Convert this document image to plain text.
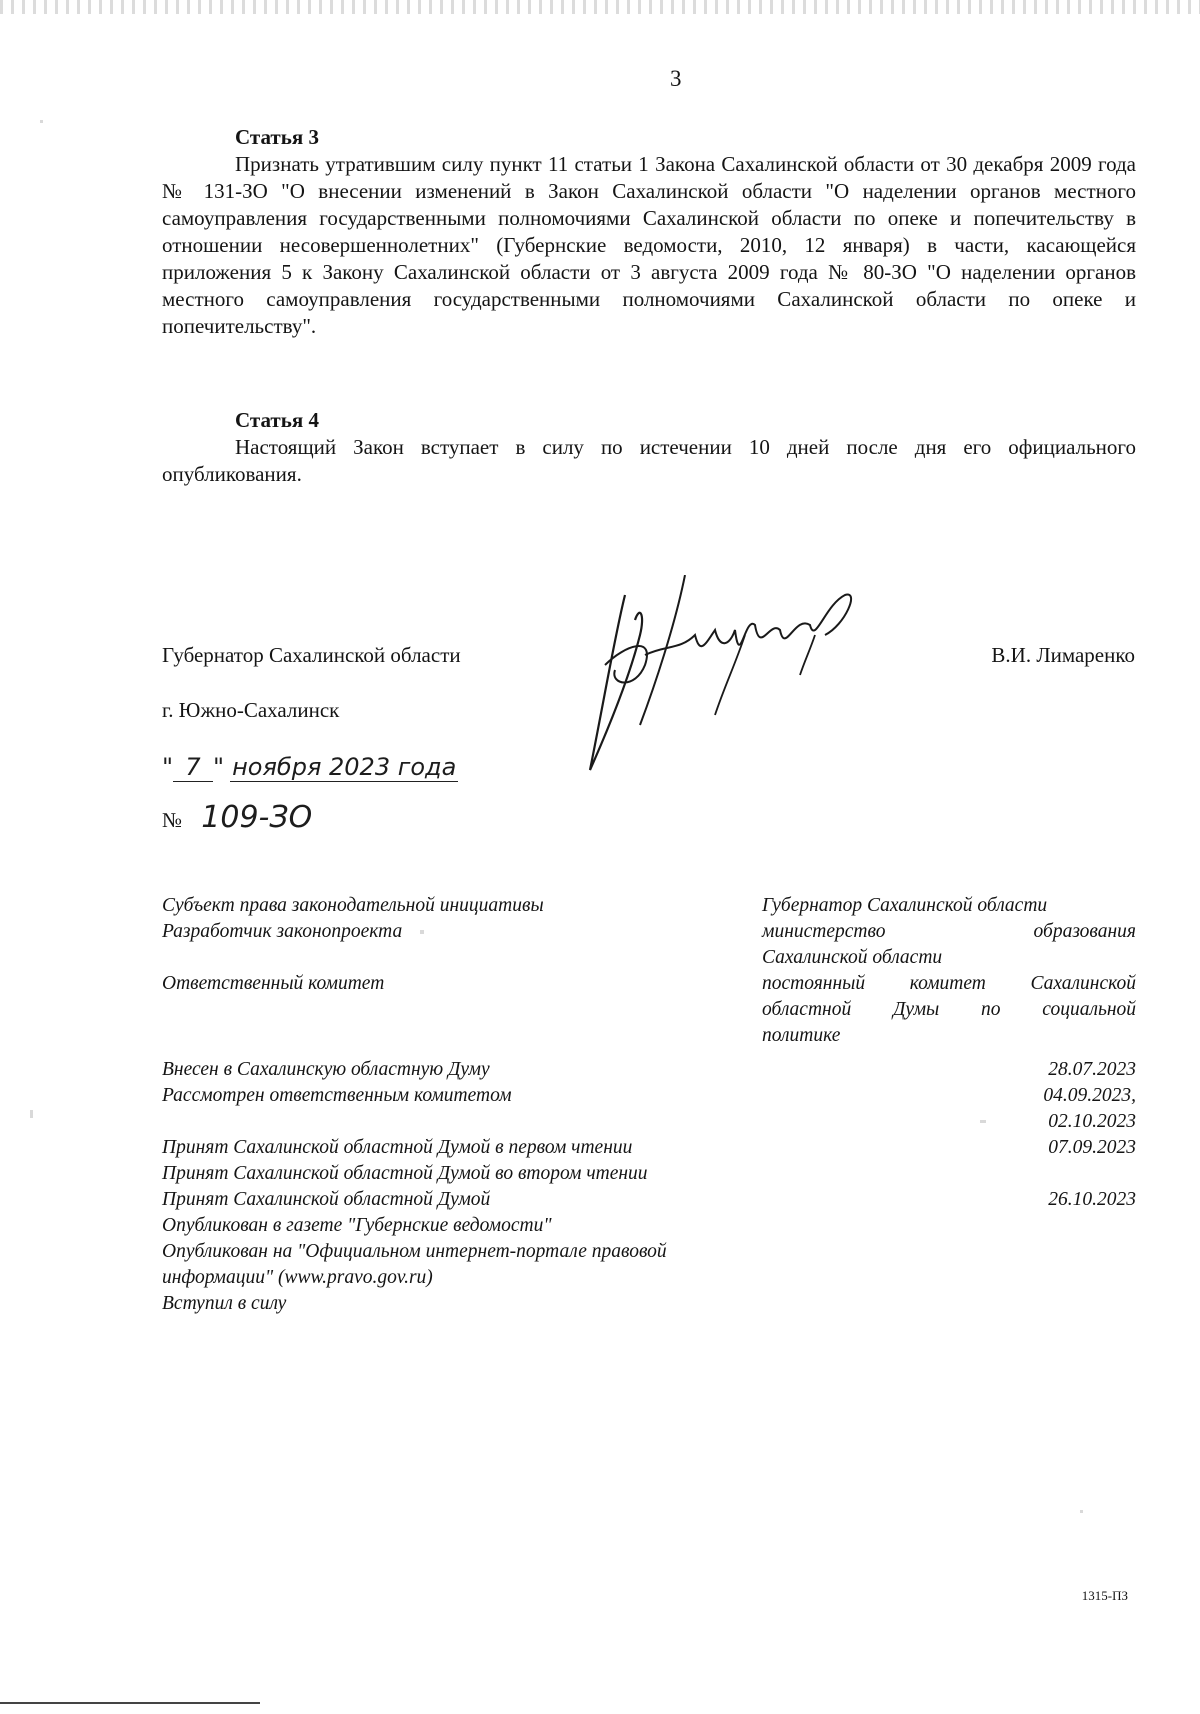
3
Статья 3

Признать утратившим силу пункт 11 статьи 1 Закона Сахалинской области от 30 декабря 2009 года № 131-ЗО "О внесении изменений в Закон Сахалинской области "О наделении органов местного самоуправления государственными полномочиями Сахалинской области по опеке и попечительству в отношении несовершеннолетних" (Губернские ведомости, 2010, 12 января) в части, касающейся приложения 5 к Закону Сахалинской области от 3 августа 2009 года № 80-ЗО "О наделении органов местного самоуправления государственными полномочиями Сахалинской области по опеке и попечительству".

Статья 4

Настоящий Закон вступает в силу по истечении 10 дней после дня его официального опубликования.

Губернатор Сахалинской области
г. Южно-Сахалинск
В.И. Лимаренко
" 7 " ноября 2023 года
№ 109-ЗО
Субъект права законодательной инициативы	Губернатор Сахалинской области
Разработчик законопроекта	министерство образования
Сахалинской области
Ответственный комитет	постоянный комитет Сахалинской
областной Думы по социальной
политике
Внесен в Сахалинскую областную Думу	28.07.2023
Рассмотрен ответственным комитетом	04.09.2023,
02.10.2023
Принят Сахалинской областной Думой в первом чтении	07.09.2023
Принят Сахалинской областной Думой во втором чтении
Принят Сахалинской областной Думой	26.10.2023
Опубликован в газете "Губернские ведомости"
Опубликован на "Официальном интернет-портале правовой
информации" (www.pravo.gov.ru)
Вступил в силу
1315-ПЗ
